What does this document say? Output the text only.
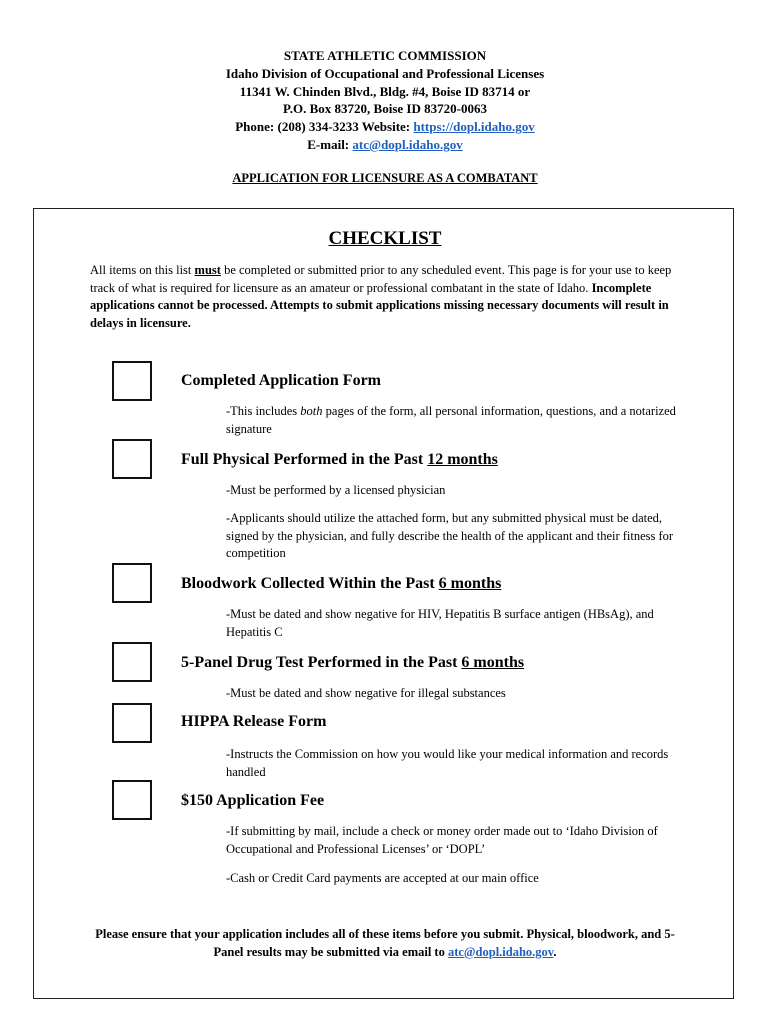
STATE ATHLETIC COMMISSION
Idaho Division of Occupational and Professional Licenses
11341 W. Chinden Blvd., Bldg. #4, Boise ID 83714 or
P.O. Box 83720, Boise ID 83720-0063
Phone: (208) 334-3233 Website: https://dopl.idaho.gov
E-mail: atc@dopl.idaho.gov
APPLICATION FOR LICENSURE AS A COMBATANT
CHECKLIST
All items on this list must be completed or submitted prior to any scheduled event. This page is for your use to keep track of what is required for licensure as an amateur or professional combatant in the state of Idaho. Incomplete applications cannot be processed. Attempts to submit applications missing necessary documents will result in delays in licensure.
Completed Application Form
-This includes both pages of the form, all personal information, questions, and a notarized signature
Full Physical Performed in the Past 12 months
-Must be performed by a licensed physician
-Applicants should utilize the attached form, but any submitted physical must be dated, signed by the physician, and fully describe the health of the applicant and their fitness for competition
Bloodwork Collected Within the Past 6 months
-Must be dated and show negative for HIV, Hepatitis B surface antigen (HBsAg), and Hepatitis C
5-Panel Drug Test Performed in the Past 6 months
-Must be dated and show negative for illegal substances
HIPPA Release Form
-Instructs the Commission on how you would like your medical information and records handled
$150 Application Fee
-If submitting by mail, include a check or money order made out to ‘Idaho Division of Occupational and Professional Licenses’ or ‘DOPL’
-Cash or Credit Card payments are accepted at our main office
Please ensure that your application includes all of these items before you submit. Physical, bloodwork, and 5-Panel results may be submitted via email to atc@dopl.idaho.gov.
